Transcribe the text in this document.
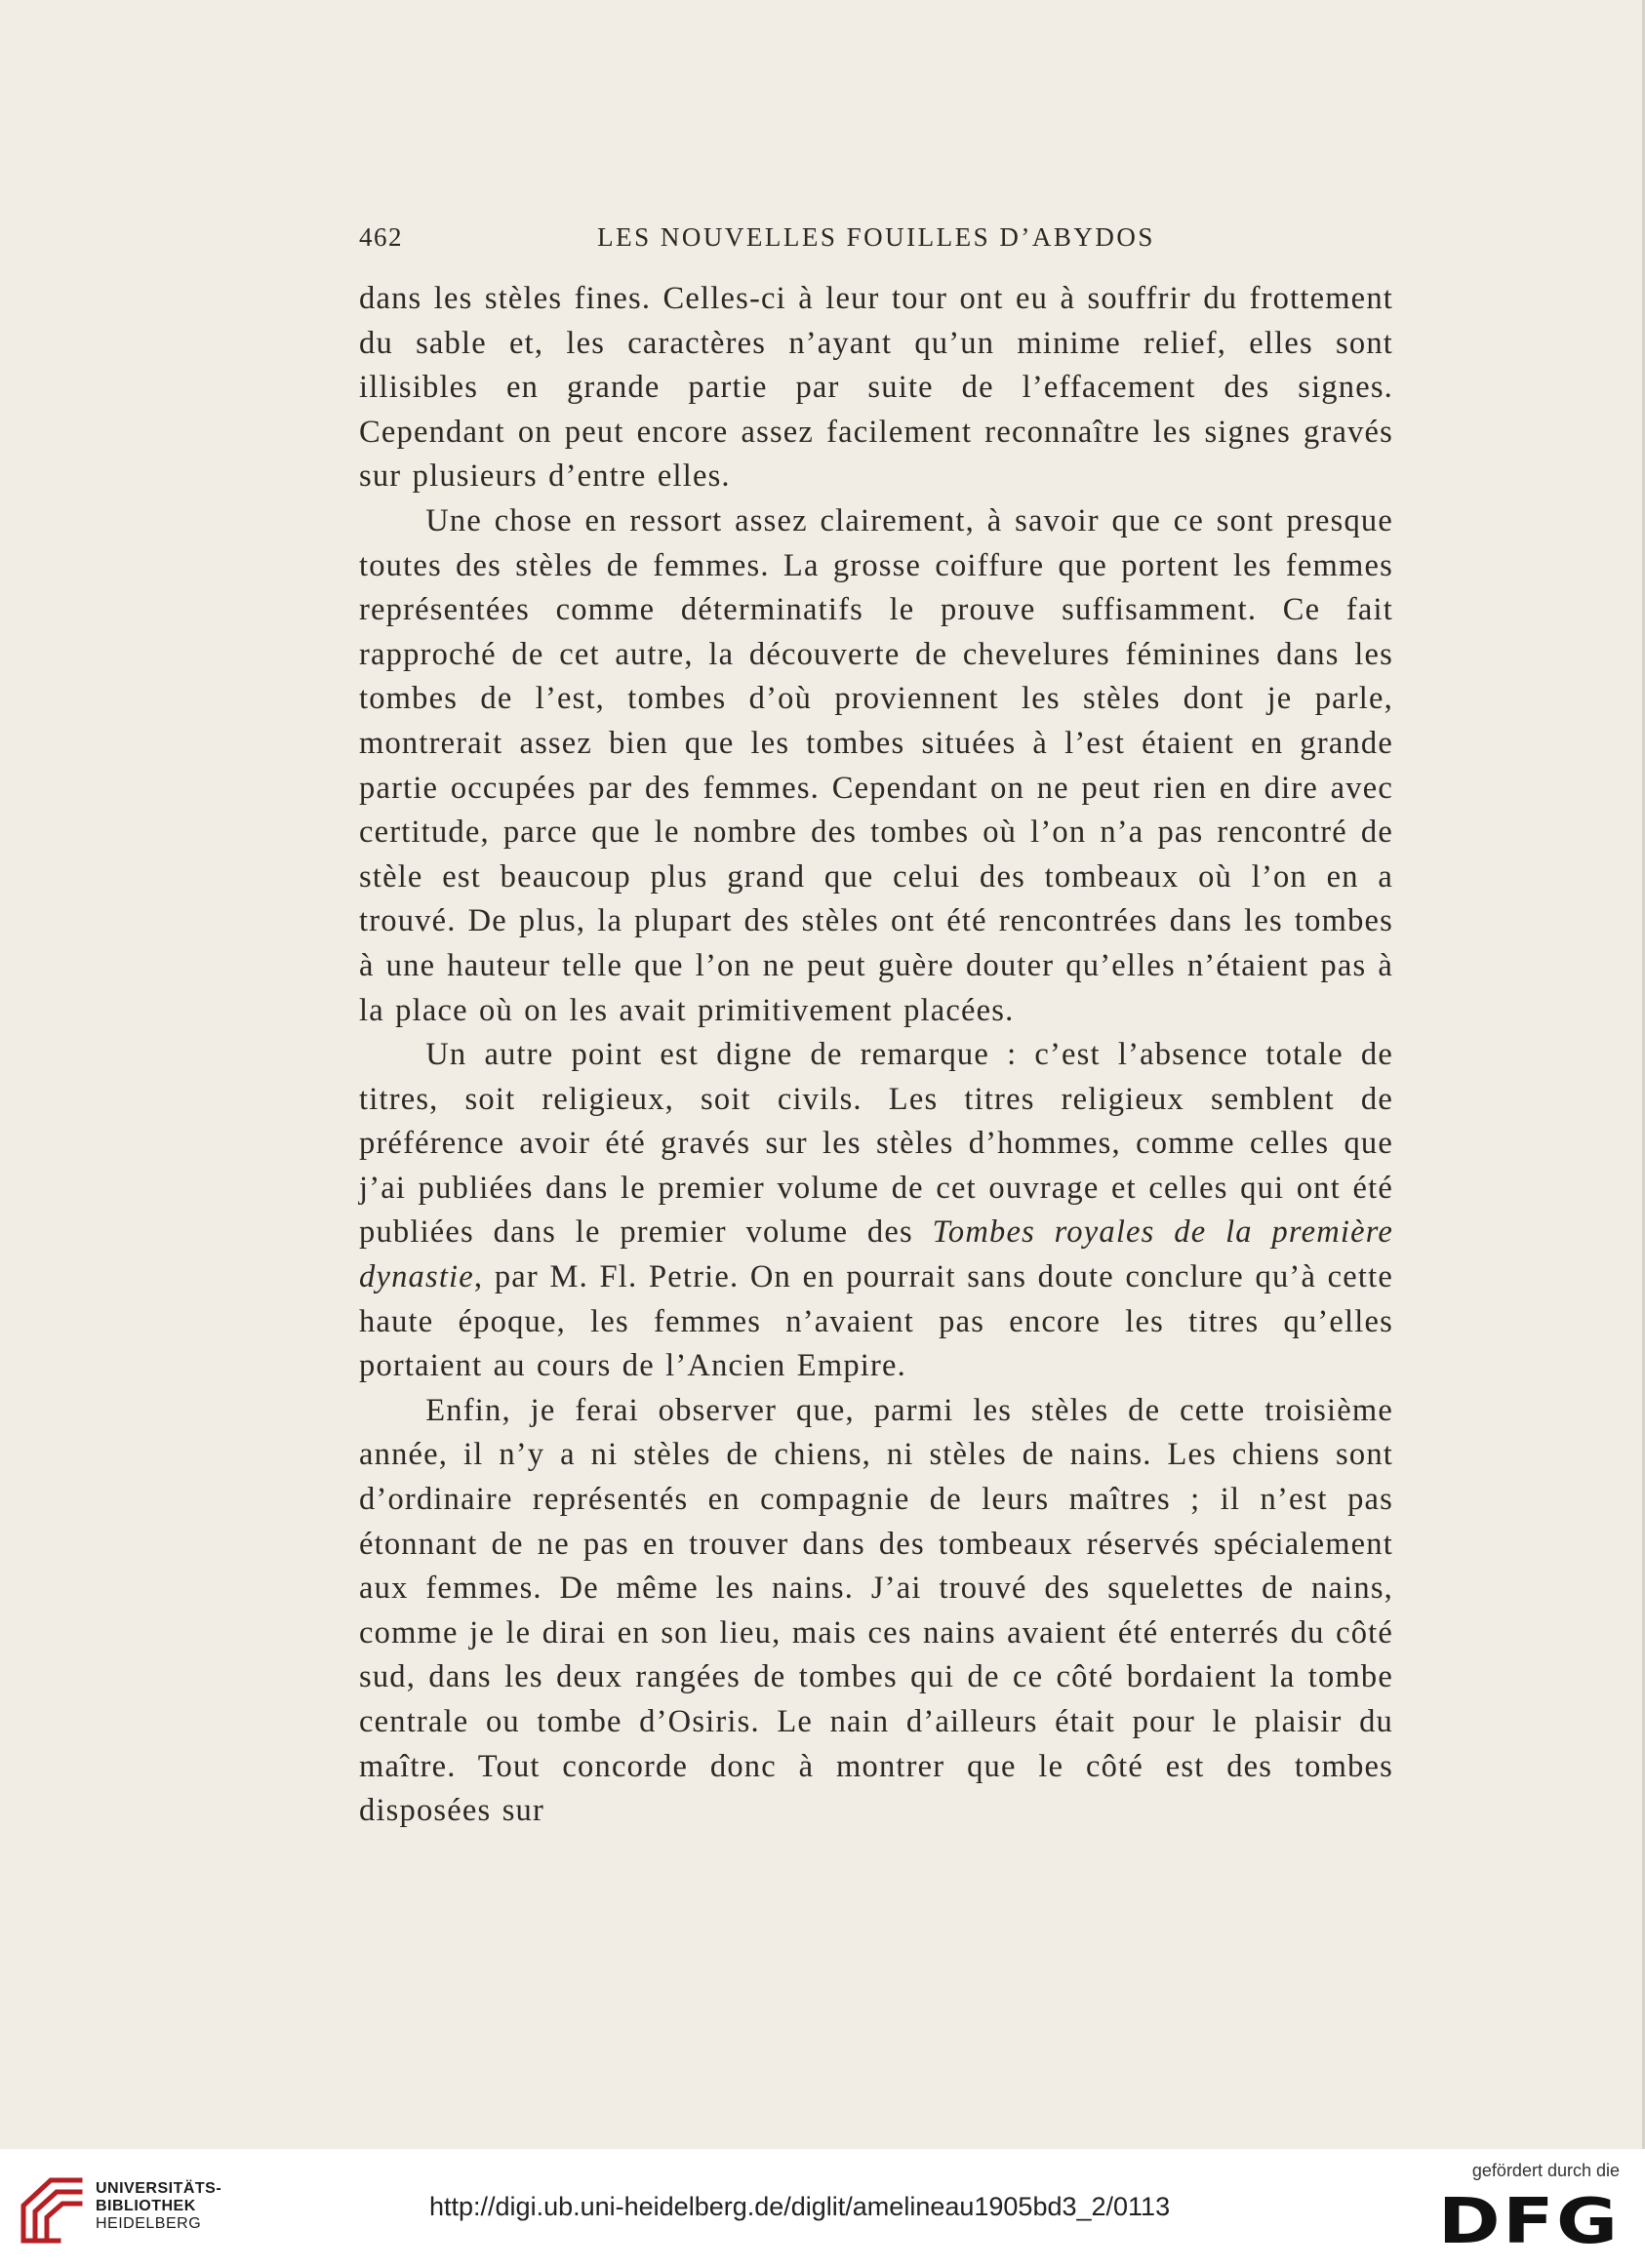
462	LES NOUVELLES FOUILLES D’ABYDOS

dans les stèles fines. Celles-ci à leur tour ont eu à souffrir du frottement du sable et, les caractères n’ayant qu’un minime relief, elles sont illisibles en grande partie par suite de l’effacement des signes. Cependant on peut encore assez facilement reconnaître les signes gravés sur plusieurs d’entre elles.

Une chose en ressort assez clairement, à savoir que ce sont presque toutes des stèles de femmes. La grosse coiffure que portent les femmes représentées comme déterminatifs le prouve suffisamment. Ce fait rapproché de cet autre, la découverte de chevelures féminines dans les tombes de l’est, tombes d’où proviennent les stèles dont je parle, montrerait assez bien que les tombes situées à l’est étaient en grande partie occupées par des femmes. Cependant on ne peut rien en dire avec certitude, parce que le nombre des tombes où l’on n’a pas rencontré de stèle est beaucoup plus grand que celui des tombeaux où l’on en a trouvé. De plus, la plupart des stèles ont été rencontrées dans les tombes à une hauteur telle que l’on ne peut guère douter qu’elles n’étaient pas à la place où on les avait primitivement placées.

Un autre point est digne de remarque : c’est l’absence totale de titres, soit religieux, soit civils. Les titres religieux semblent de préférence avoir été gravés sur les stèles d’hommes, comme celles que j’ai publiées dans le premier volume de cet ouvrage et celles qui ont été publiées dans le premier volume des Tombes royales de la première dynastie, par M. Fl. Petrie. On en pourrait sans doute conclure qu’à cette haute époque, les femmes n’avaient pas encore les titres qu’elles portaient au cours de l’Ancien Empire.

Enfin, je ferai observer que, parmi les stèles de cette troisième année, il n’y a ni stèles de chiens, ni stèles de nains. Les chiens sont d’ordinaire représentés en compagnie de leurs maîtres ; il n’est pas étonnant de ne pas en trouver dans des tombeaux réservés spécialement aux femmes. De même les nains. J’ai trouvé des squelettes de nains, comme je le dirai en son lieu, mais ces nains avaient été enterrés du côté sud, dans les deux rangées de tombes qui de ce côté bordaient la tombe centrale ou tombe d’Osiris. Le nain d’ailleurs était pour le plaisir du maître. Tout concorde donc à montrer que le côté est des tombes disposées sur

UNIVERSITÄTS-
BIBLIOTHEK
HEIDELBERG
http://digi.ub.uni-heidelberg.de/diglit/amelineau1905bd3_2/0113
gefördert durch die
DFG
